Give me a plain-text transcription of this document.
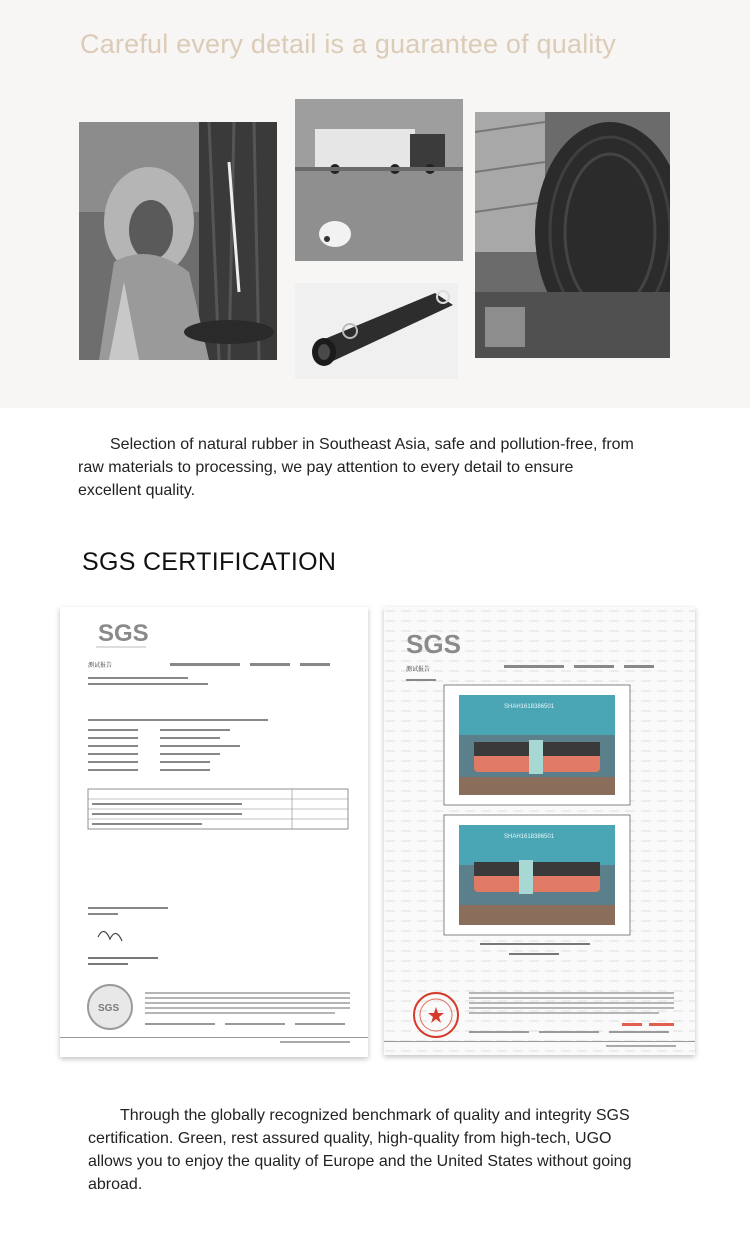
Careful every detail is a guarantee of quality

Selection of natural rubber in Southeast Asia, safe and pollution-free, from raw materials to processing, we pay attention to every detail to ensure excellent quality.

SGS CERTIFICATION
SGS
测试报告
SGS
SGS
测试报告
SHAH1618386501
SHAH1618386501

Through the globally recognized benchmark of quality and integrity SGS certification. Green, rest assured quality, high-quality from high-tech, UGO allows you to enjoy the quality of Europe and the United States without going abroad.
